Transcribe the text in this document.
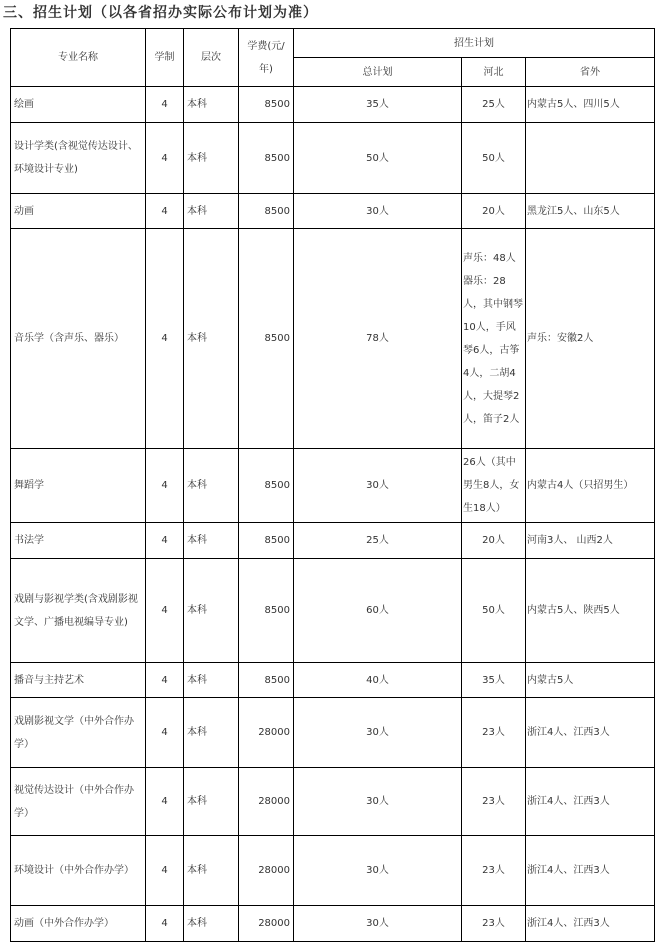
三、招生计划（以各省招办实际公布计划为准）
专业名称	学制	层次	学费(元/年)	招生计划		
				总计划	河北	省外
绘画	4	本科	8500	35人	25人	内蒙古5人、四川5人
设计学类(含视觉传达设计、环境设计专业)	4	本科	8500	50人	50人	
动画	4	本科	8500	30人	20人	黑龙江5人、山东5人
音乐学（含声乐、器乐）	4	本科	8500	78人	声乐：48人 器乐：28人，其中钢琴10人，手风琴6人，古筝4人，二胡4人，大提琴2人，笛子2人	声乐：安徽2人
舞蹈学	4	本科	8500	30人	26人（其中男生8人，女生18人）	内蒙古4人（只招男生）
书法学	4	本科	8500	25人	20人	河南3人、 山西2人
戏剧与影视学类(含戏剧影视文学、广播电视编导专业)	4	本科	8500	60人	50人	内蒙古5人、陕西5人
播音与主持艺术	4	本科	8500	40人	35人	内蒙古5人
戏剧影视文学（中外合作办学）	4	本科	28000	30人	23人	浙江4人、江西3人
视觉传达设计（中外合作办学）	4	本科	28000	30人	23人	浙江4人、江西3人
环境设计（中外合作办学）	4	本科	28000	30人	23人	浙江4人、江西3人
动画（中外合作办学）	4	本科	28000	30人	23人	浙江4人、江西3人
